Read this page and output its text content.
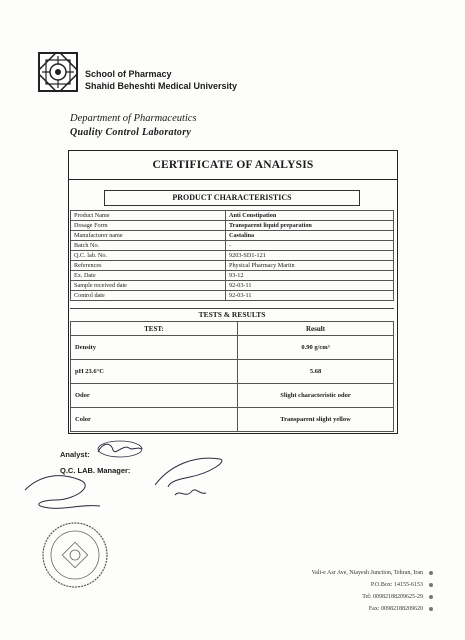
School of Pharmacy
Shahid Beheshti Medical University
Department of Pharmaceutics
Quality Control Laboratory
CERTIFICATE OF ANALYSIS
PRODUCT CHARACTERISTICS
Product Name	Anti Constipation
Dosage Form	Transparent liquid preparation
Manufacturer name	Castalina
Batch No.	-
Q.C. lab. No.	9203-SD1-121
References	Physical Pharmacy Martin
Ex. Date	93-12
Sample received date	92-03-11
Control date	92-03-11
TESTS & RESULTS
TEST:	Result
Density	0.90 g/cm³
pH 23.6°C	5.68
Odor	Slight characteristic odor
Color	Transparent slight yellow
Analyst:
Q.C. LAB. Manager:
Vali-e Asr Ave, Niayesh Junction, Tehran, Iran
P.O.Box: 14155-6153
Tel: 00982188209625-29
Fax: 00982188209620
